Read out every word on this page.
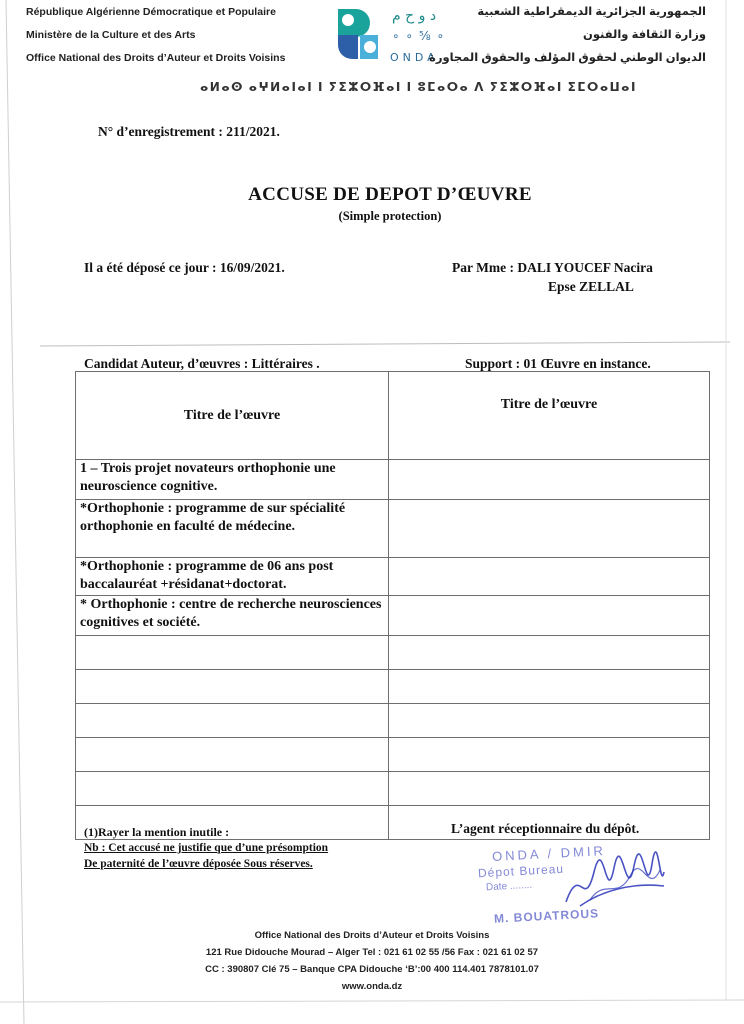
République Algérienne Démocratique et Populaire
Ministère de la Culture et des Arts
Office National des Droits d’Auteur et Droits Voisins
د و ح م
∘∘⅝∘
ONDA
الجمهورية الجزائرية الديمقراطية الشعبية
وزارة الثقافة والفنون
الديوان الوطني لحقوق المؤلف والحقوق المجاورة
ⴰⵍⴰⵙ ⴰⵖⵍⴰⵏⴰⵏ ⵏ ⵢⵉⵣⵔⴼⴰⵏ ⵏ ⵓⵎⴰⵔⴰ ⴷ ⵢⵉⵣⵔⴼⴰⵏ ⵉⵎⵔⴰⵡⴰⵏ
N° d’enregistrement : 211/2021.
ACCUSE DE DEPOT D’ŒUVRE
(Simple protection)
Il a été déposé ce jour : 16/09/2021.	Par Mme : DALI YOUCEF Nacira
Epse ZELLAL
Candidat Auteur, d’œuvres : Littéraires .	Support : 01 Œuvre en instance.
Titre de l’œuvre	Titre de l’œuvre
1 – Trois projet novateurs orthophonie une neuroscience cognitive.	
*Orthophonie : programme de sur spécialité orthophonie en faculté de médecine.	
*Orthophonie : programme de 06 ans post baccalauréat +résidanat+doctorat.	
* Orthophonie : centre de recherche neurosciences cognitives et société.	

(1)Rayer la mention inutile :
Nb : Cet accusé ne justifie que d’une présomption
De paternité de l’œuvre déposée Sous réserves.
L’agent réceptionnaire du dépôt.
ONDA / DMIR
Dépot Bureau
Date ........
M. BOUATROUS
Office National des Droits d’Auteur et Droits Voisins
121 Rue Didouche Mourad – Alger Tel : 021 61 02 55 /56 Fax : 021 61 02 57
CC : 390807 Clé 75 – Banque CPA Didouche ‘B’:00 400 114.401 7878101.07
www.onda.dz
